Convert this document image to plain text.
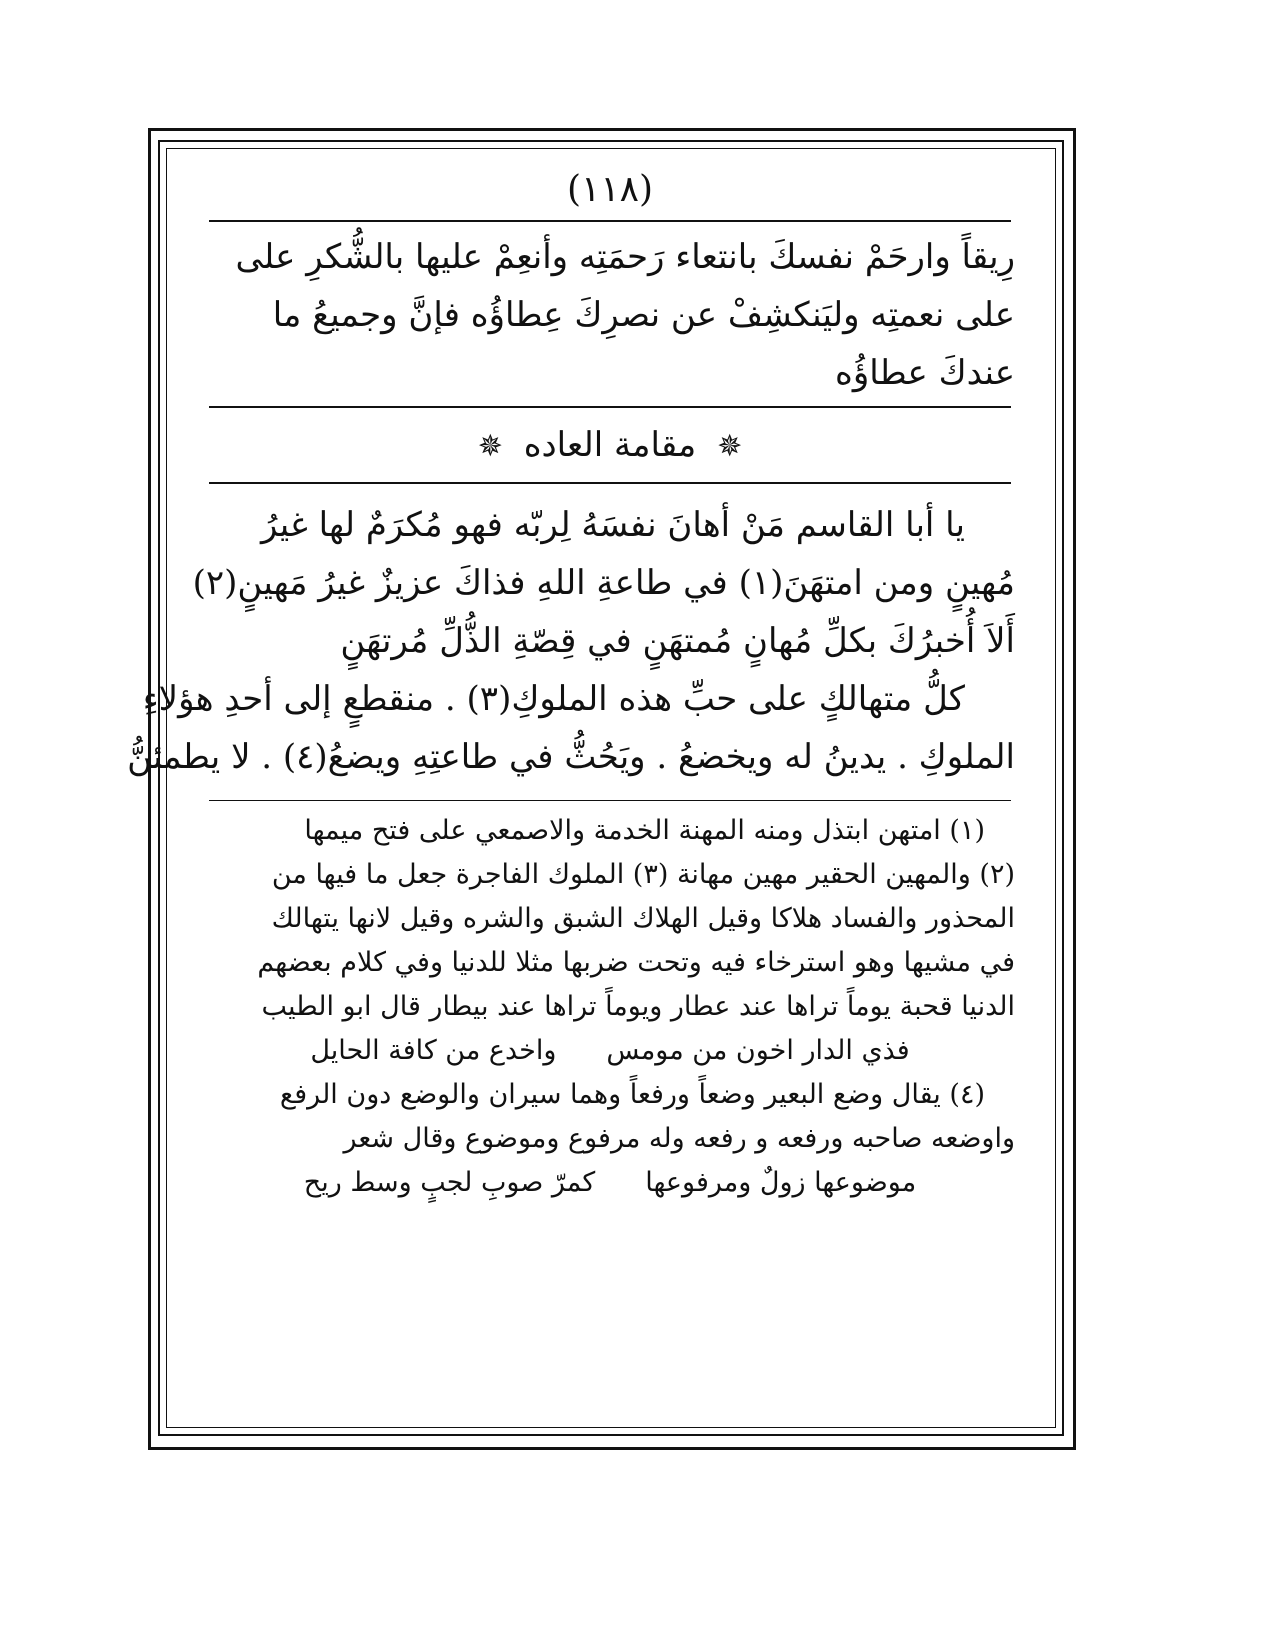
(١١٨)
رِيقاً وارحَمْ نفسكَ بانتعاء رَحمَتِه وأنعِمْ عليها بالشُّكرِ على
على نعمتِه وليَنكشِفْ عن نصرِكَ عِطاؤُه فإنَّ وجميعُ ما
عندكَ عطاؤُه
✵ مقامة العاده ✵
يا أبا القاسم مَنْ أهانَ نفسَهُ لِربّه فهو مُكرَمٌ لها غيرُ
مُهينٍ ومن امتهَنَ(١) في طاعةِ اللهِ فذاكَ عزيزٌ غيرُ مَهينٍ(٢)
أَلاَ أُخبرُكَ بكلِّ مُهانٍ مُمتهَنٍ في قِصّةِ الذُّلِّ مُرتهَنٍ
كلُّ متهالكٍ على حبِّ هذه الملوكِ(٣) . منقطعٍ إلى أحدِ هؤلاءِ
الملوكِ . يدينُ له ويخضعُ . ويَحُثُّ في طاعتِهِ ويضعُ(٤) . لا يطمئنُّ
(١) امتهن ابتذل ومنه المهنة الخدمة والاصمعي على فتح ميمها
(٢) والمهين الحقير مهين مهانة (٣) الملوك الفاجرة جعل ما فيها من
المحذور والفساد هلاكا وقيل الهلاك الشبق والشره وقيل لانها يتهالك
في مشيها وهو استرخاء فيه وتحت ضربها مثلا للدنيا وفي كلام بعضهم
الدنيا قحبة يوماً تراها عند عطار ويوماً تراها عند بيطار قال ابو الطيب
فذي الدار اخون من مومس
واخدع من كافة الحايل
(٤) يقال وضع البعير وضعاً ورفعاً وهما سيران والوضع دون الرفع
واوضعه صاحبه ورفعه و رفعه وله مرفوع وموضوع وقال شعر
موضوعها زولٌ ومرفوعها
كمرّ صوبِ لجبٍ وسط ريح
